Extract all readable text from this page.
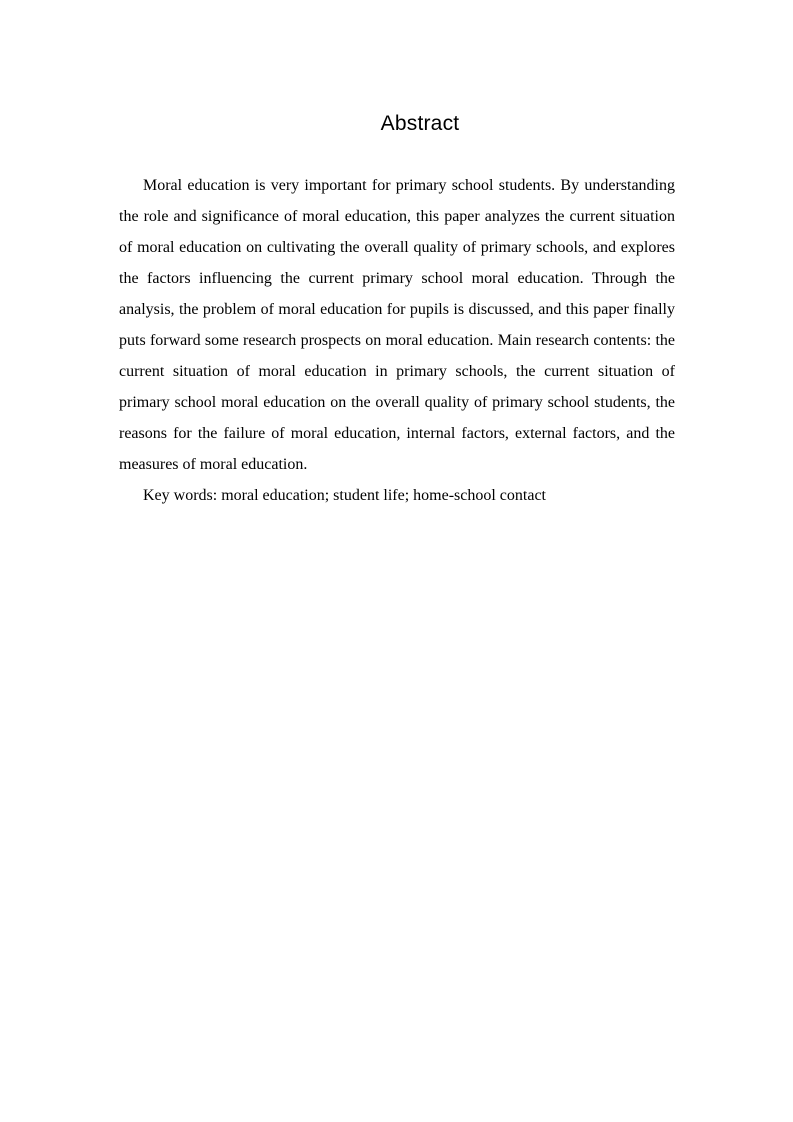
Abstract
Moral education is very important for primary school students. By understanding
the role and significance of moral education, this paper analyzes the current situation
of moral education on cultivating the overall quality of primary schools, and explores
the factors influencing the current primary school moral education. Through the
analysis, the problem of moral education for pupils is discussed, and this paper finally
puts forward some research prospects on moral education. Main research contents: the
current situation of moral education in primary schools, the current situation of
primary school moral education on the overall quality of primary school students, the
reasons for the failure of moral education, internal factors, external factors, and the
measures of moral education.
Key words: moral education; student life; home-school contact
